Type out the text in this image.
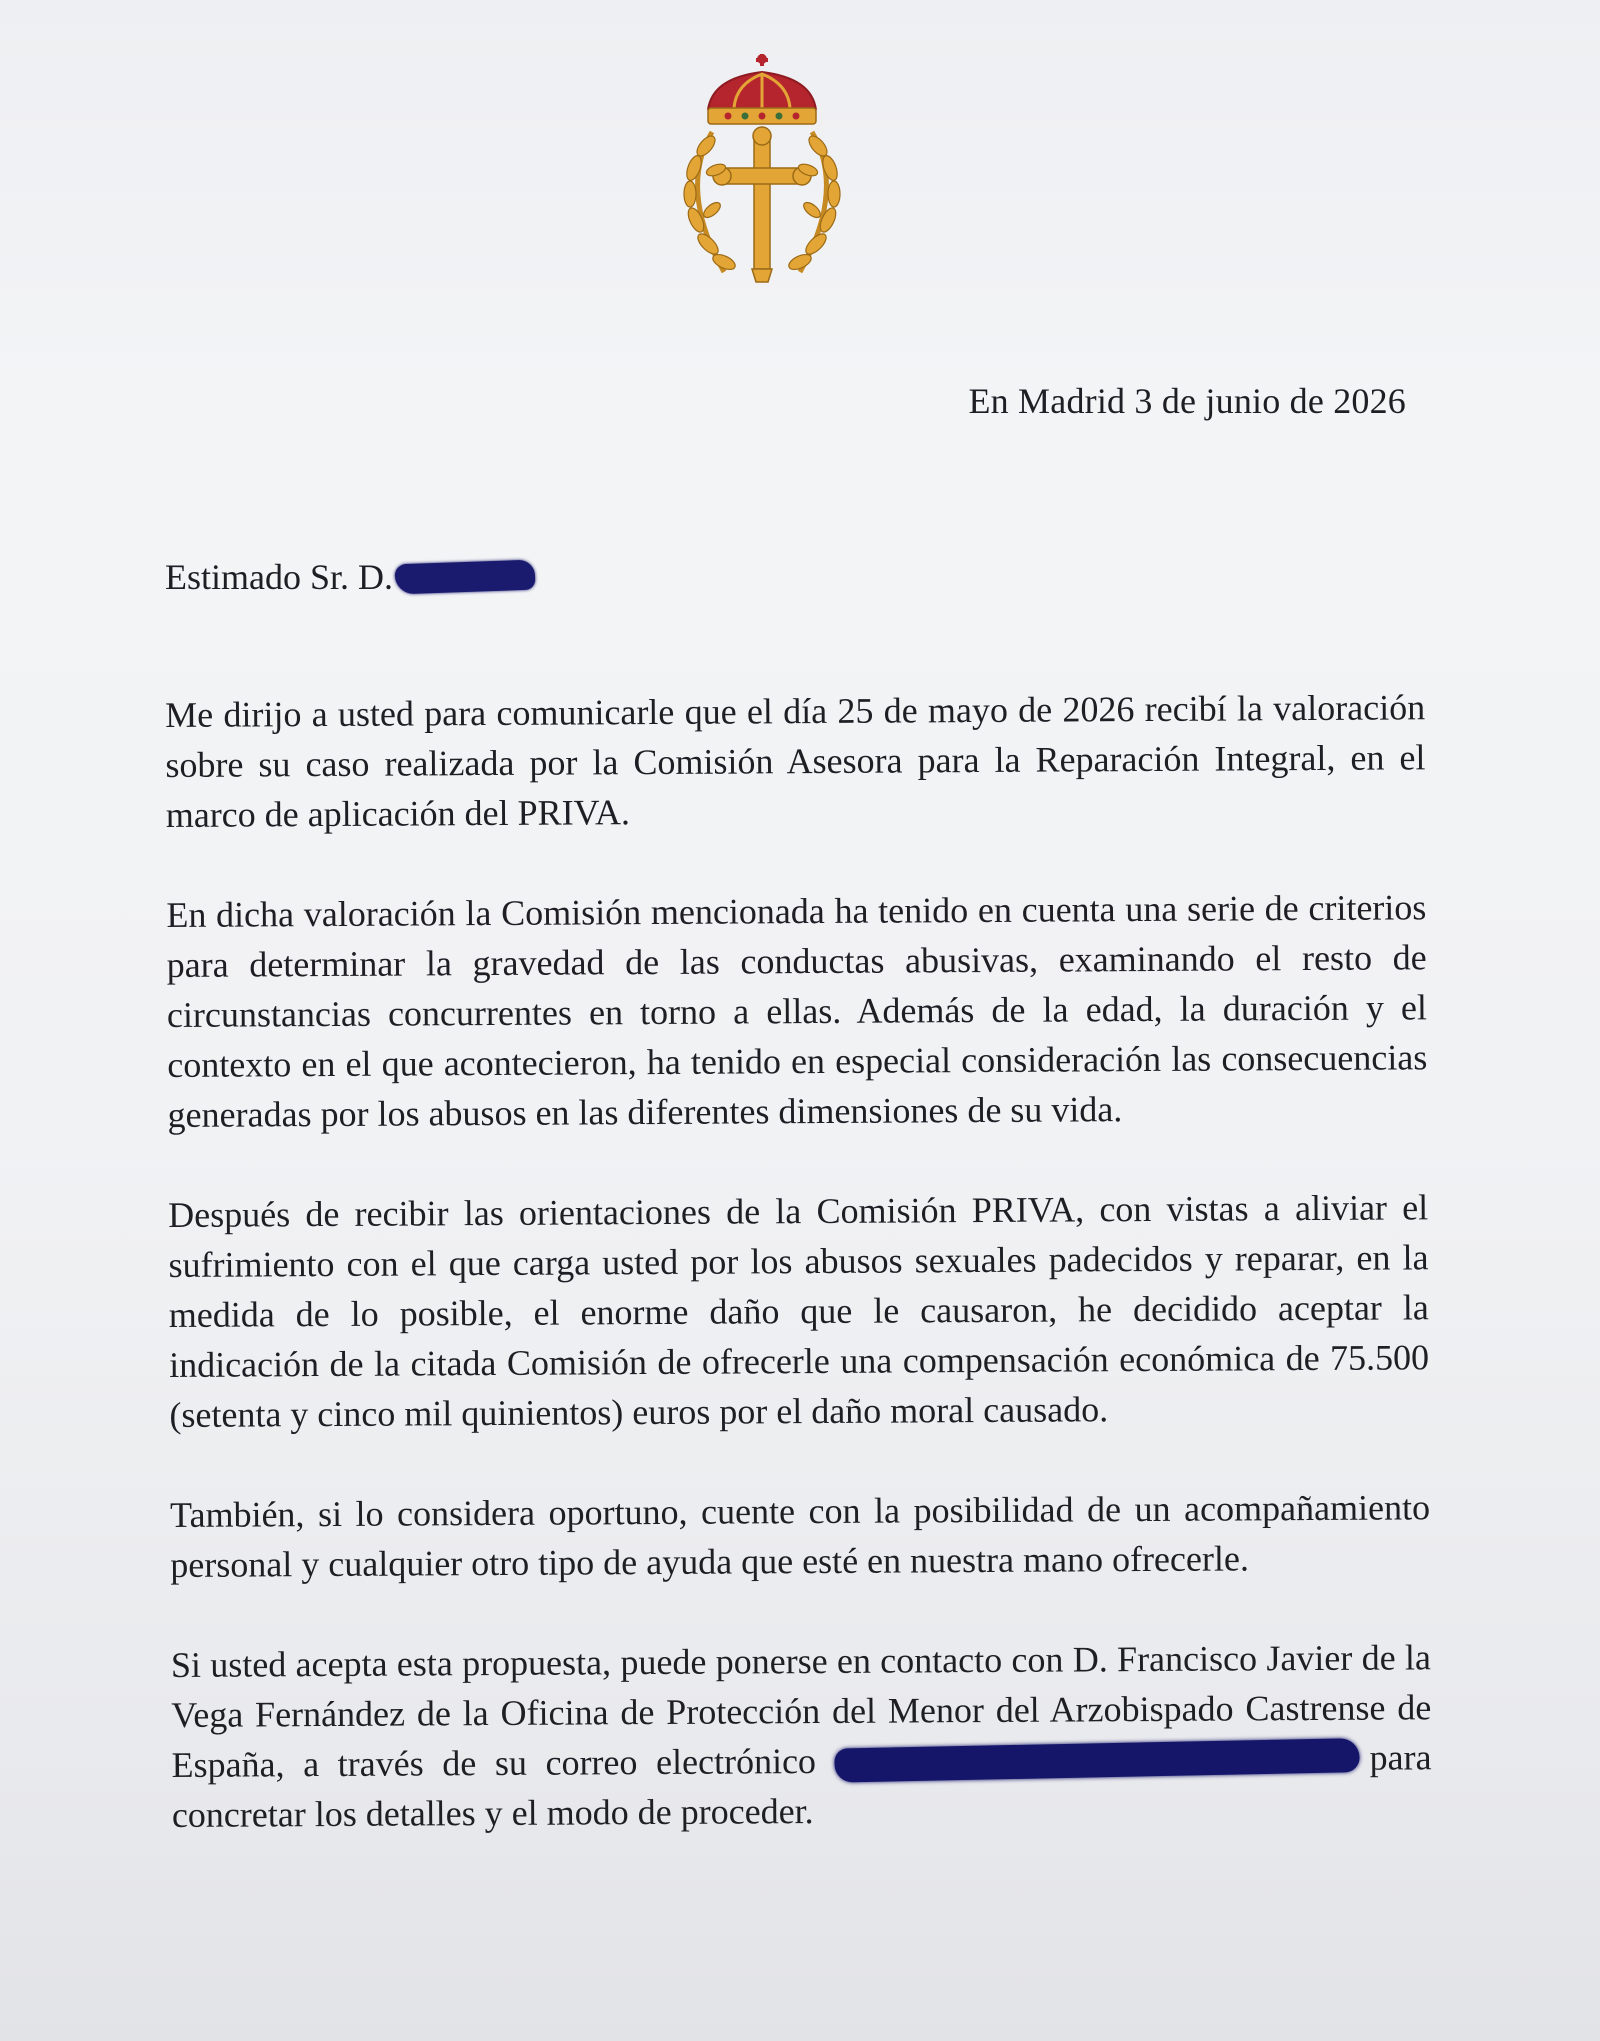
En Madrid 3 de junio de 2026
Estimado Sr. D.

Me dirijo a usted para comunicarle que el día 25 de mayo de 2026 recibí la valoración sobre su caso realizada por la Comisión Asesora para la Reparación Integral, en el marco de aplicación del PRIVA.

En dicha valoración la Comisión mencionada ha tenido en cuenta una serie de criterios para determinar la gravedad de las conductas abusivas, examinando el resto de circunstancias concurrentes en torno a ellas. Además de la edad, la duración y el contexto en el que acontecieron, ha tenido en especial consideración las consecuencias generadas por los abusos en las diferentes dimensiones de su vida.

Después de recibir las orientaciones de la Comisión PRIVA, con vistas a aliviar el sufrimiento con el que carga usted por los abusos sexuales padecidos y reparar, en la medida de lo posible, el enorme daño que le causaron, he decidido aceptar la indicación de la citada Comisión de ofrecerle una compensación económica de 75.500 (setenta y cinco mil quinientos) euros por el daño moral causado.

También, si lo considera oportuno, cuente con la posibilidad de un acompañamiento personal y cualquier otro tipo de ayuda que esté en nuestra mano ofrecerle.

Si usted acepta esta propuesta, puede ponerse en contacto con D. Francisco Javier de la Vega Fernández de la Oficina de Protección del Menor del Arzobispado Castrense de España, a través de su correo electrónico	para concretar los detalles y el modo de proceder.
